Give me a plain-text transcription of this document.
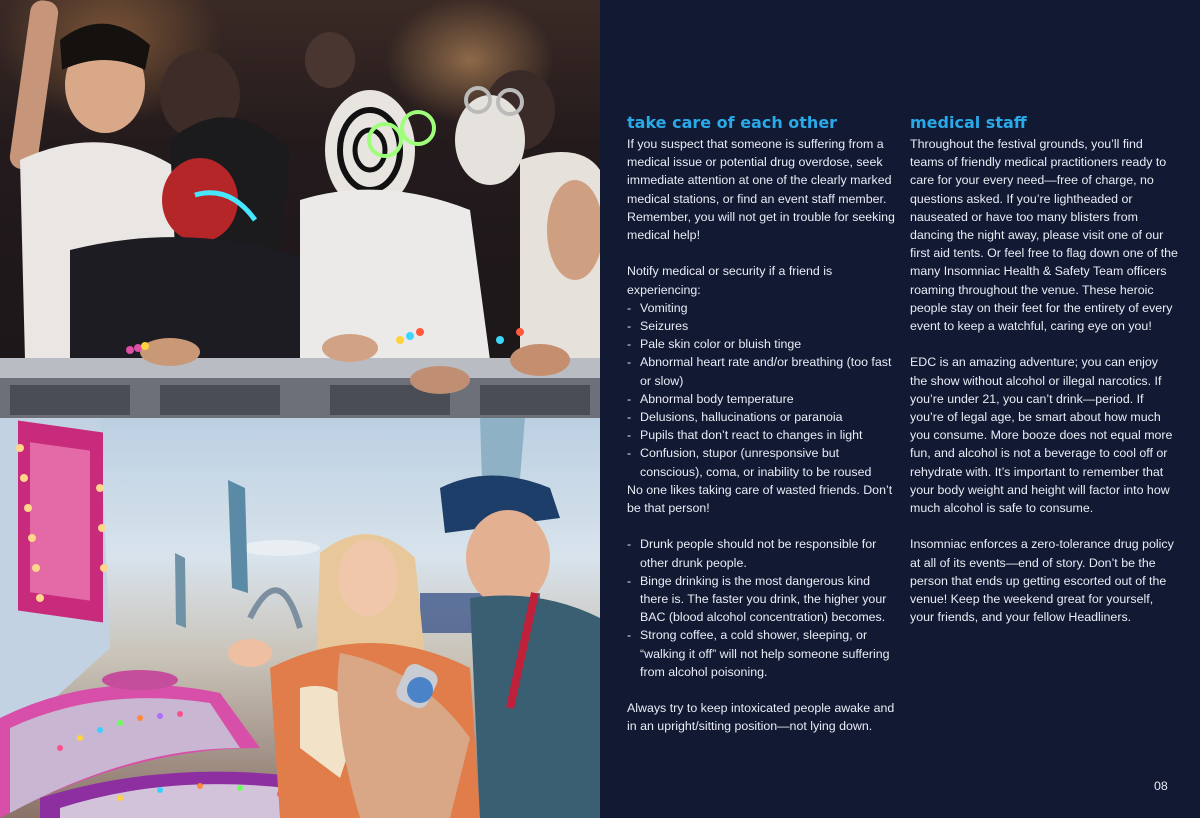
take care of each other

If you suspect that someone is suffering from a medical issue or potential drug overdose, seek immediate attention at one of the clearly marked medical stations, or find an event staff member. Remember, you will not get in trouble for seeking medical help!

Notify medical or security if a friend is experiencing:

- Vomiting
- Seizures
- Pale skin color or bluish tinge
- Abnormal heart rate and/or breathing (too fast or slow)
- Abnormal body temperature
- Delusions, hallucinations or paranoia
- Pupils that don’t react to changes in light
- Confusion, stupor (unresponsive but conscious), coma, or inability to be roused

No one likes taking care of wasted friends. Don’t be that person!

- Drunk people should not be responsible for other drunk people.
- Binge drinking is the most dangerous kind there is. The faster you drink, the higher your BAC (blood alcohol concentration) becomes.
- Strong coffee, a cold shower, sleeping, or “walking it off” will not help someone suffering from alcohol poisoning.

Always try to keep intoxicated people awake and in an upright/sitting position—not lying down.

medical staff

Throughout the festival grounds, you’ll find teams of friendly medical practitioners ready to care for your every need—free of charge, no questions asked. If you’re lightheaded or nauseated or have too many blisters from dancing the night away, please visit one of our first aid tents. Or feel free to flag down one of the many Insomniac Health & Safety Team officers roaming throughout the venue. These heroic people stay on their feet for the entirety of every event to keep a watchful, caring eye on you!

EDC is an amazing adventure; you can enjoy the show without alcohol or illegal narcotics. If you’re under 21, you can’t drink—period. If you’re of legal age, be smart about how much you consume. More booze does not equal more fun, and alcohol is not a beverage to cool off or rehydrate with. It’s important to remember that your body weight and height will factor into how much alcohol is safe to consume.

Insomniac enforces a zero-tolerance drug policy at all of its events—end of story. Don’t be the person that ends up getting escorted out of the venue! Keep the weekend great for yourself, your friends, and your fellow Headliners.

08
